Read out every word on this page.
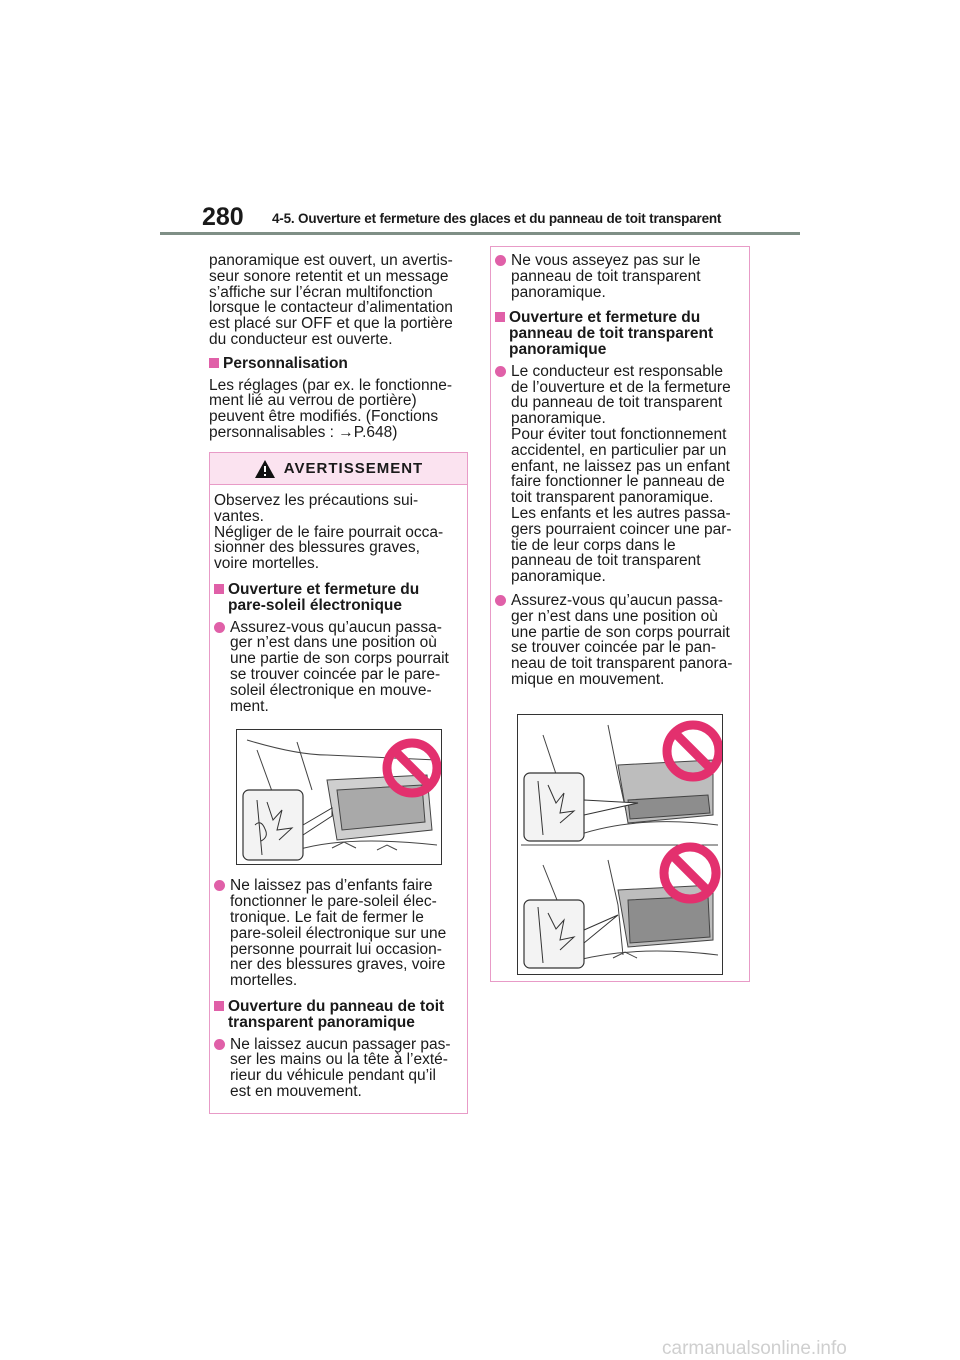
280 4-5. Ouverture et fermeture des glaces et du panneau de toit transparent

panoramique est ouvert, un avertis-
seur sonore retentit et un message
s’affiche sur l’écran multifonction
lorsque le contacteur d’alimentation
est placé sur OFF et que la portière
du conducteur est ouverte.

Personnalisation

Les réglages (par ex. le fonctionne-
ment lié au verrou de portière)
peuvent être modifiés. (Fonctions
personnalisables : →P.648)

AVERTISSEMENT

Observez les précautions sui-
vantes.
Négliger de le faire pourrait occa-
sionner des blessures graves,
voire mortelles.

Ouverture et fermeture du
pare-soleil électronique
Assurez-vous qu’aucun passa-
ger n’est dans une position où
une partie de son corps pourrait
se trouver coincée par le pare-
soleil électronique en mouve-
ment.
Ne laissez pas d’enfants faire
fonctionner le pare-soleil élec-
tronique. Le fait de fermer le
pare-soleil électronique sur une
personne pourrait lui occasion-
ner des blessures graves, voire
mortelles.
Ouverture du panneau de toit
transparent panoramique
Ne laissez aucun passager pas-
ser les mains ou la tête à l’exté-
rieur du véhicule pendant qu’il
est en mouvement.
Ne vous asseyez pas sur le
panneau de toit transparent
panoramique.
Ouverture et fermeture du
panneau de toit transparent
panoramique
Le conducteur est responsable
de l’ouverture et de la fermeture
du panneau de toit transparent
panoramique.
Pour éviter tout fonctionnement
accidentel, en particulier par un
enfant, ne laissez pas un enfant
faire fonctionner le panneau de
toit transparent panoramique.
Les enfants et les autres passa-
gers pourraient coincer une par-
tie de leur corps dans le
panneau de toit transparent
panoramique.
Assurez-vous qu’aucun passa-
ger n’est dans une position où
une partie de son corps pourrait
se trouver coincée par le pan-
neau de toit transparent panora-
mique en mouvement.
carmanualsonline.info
